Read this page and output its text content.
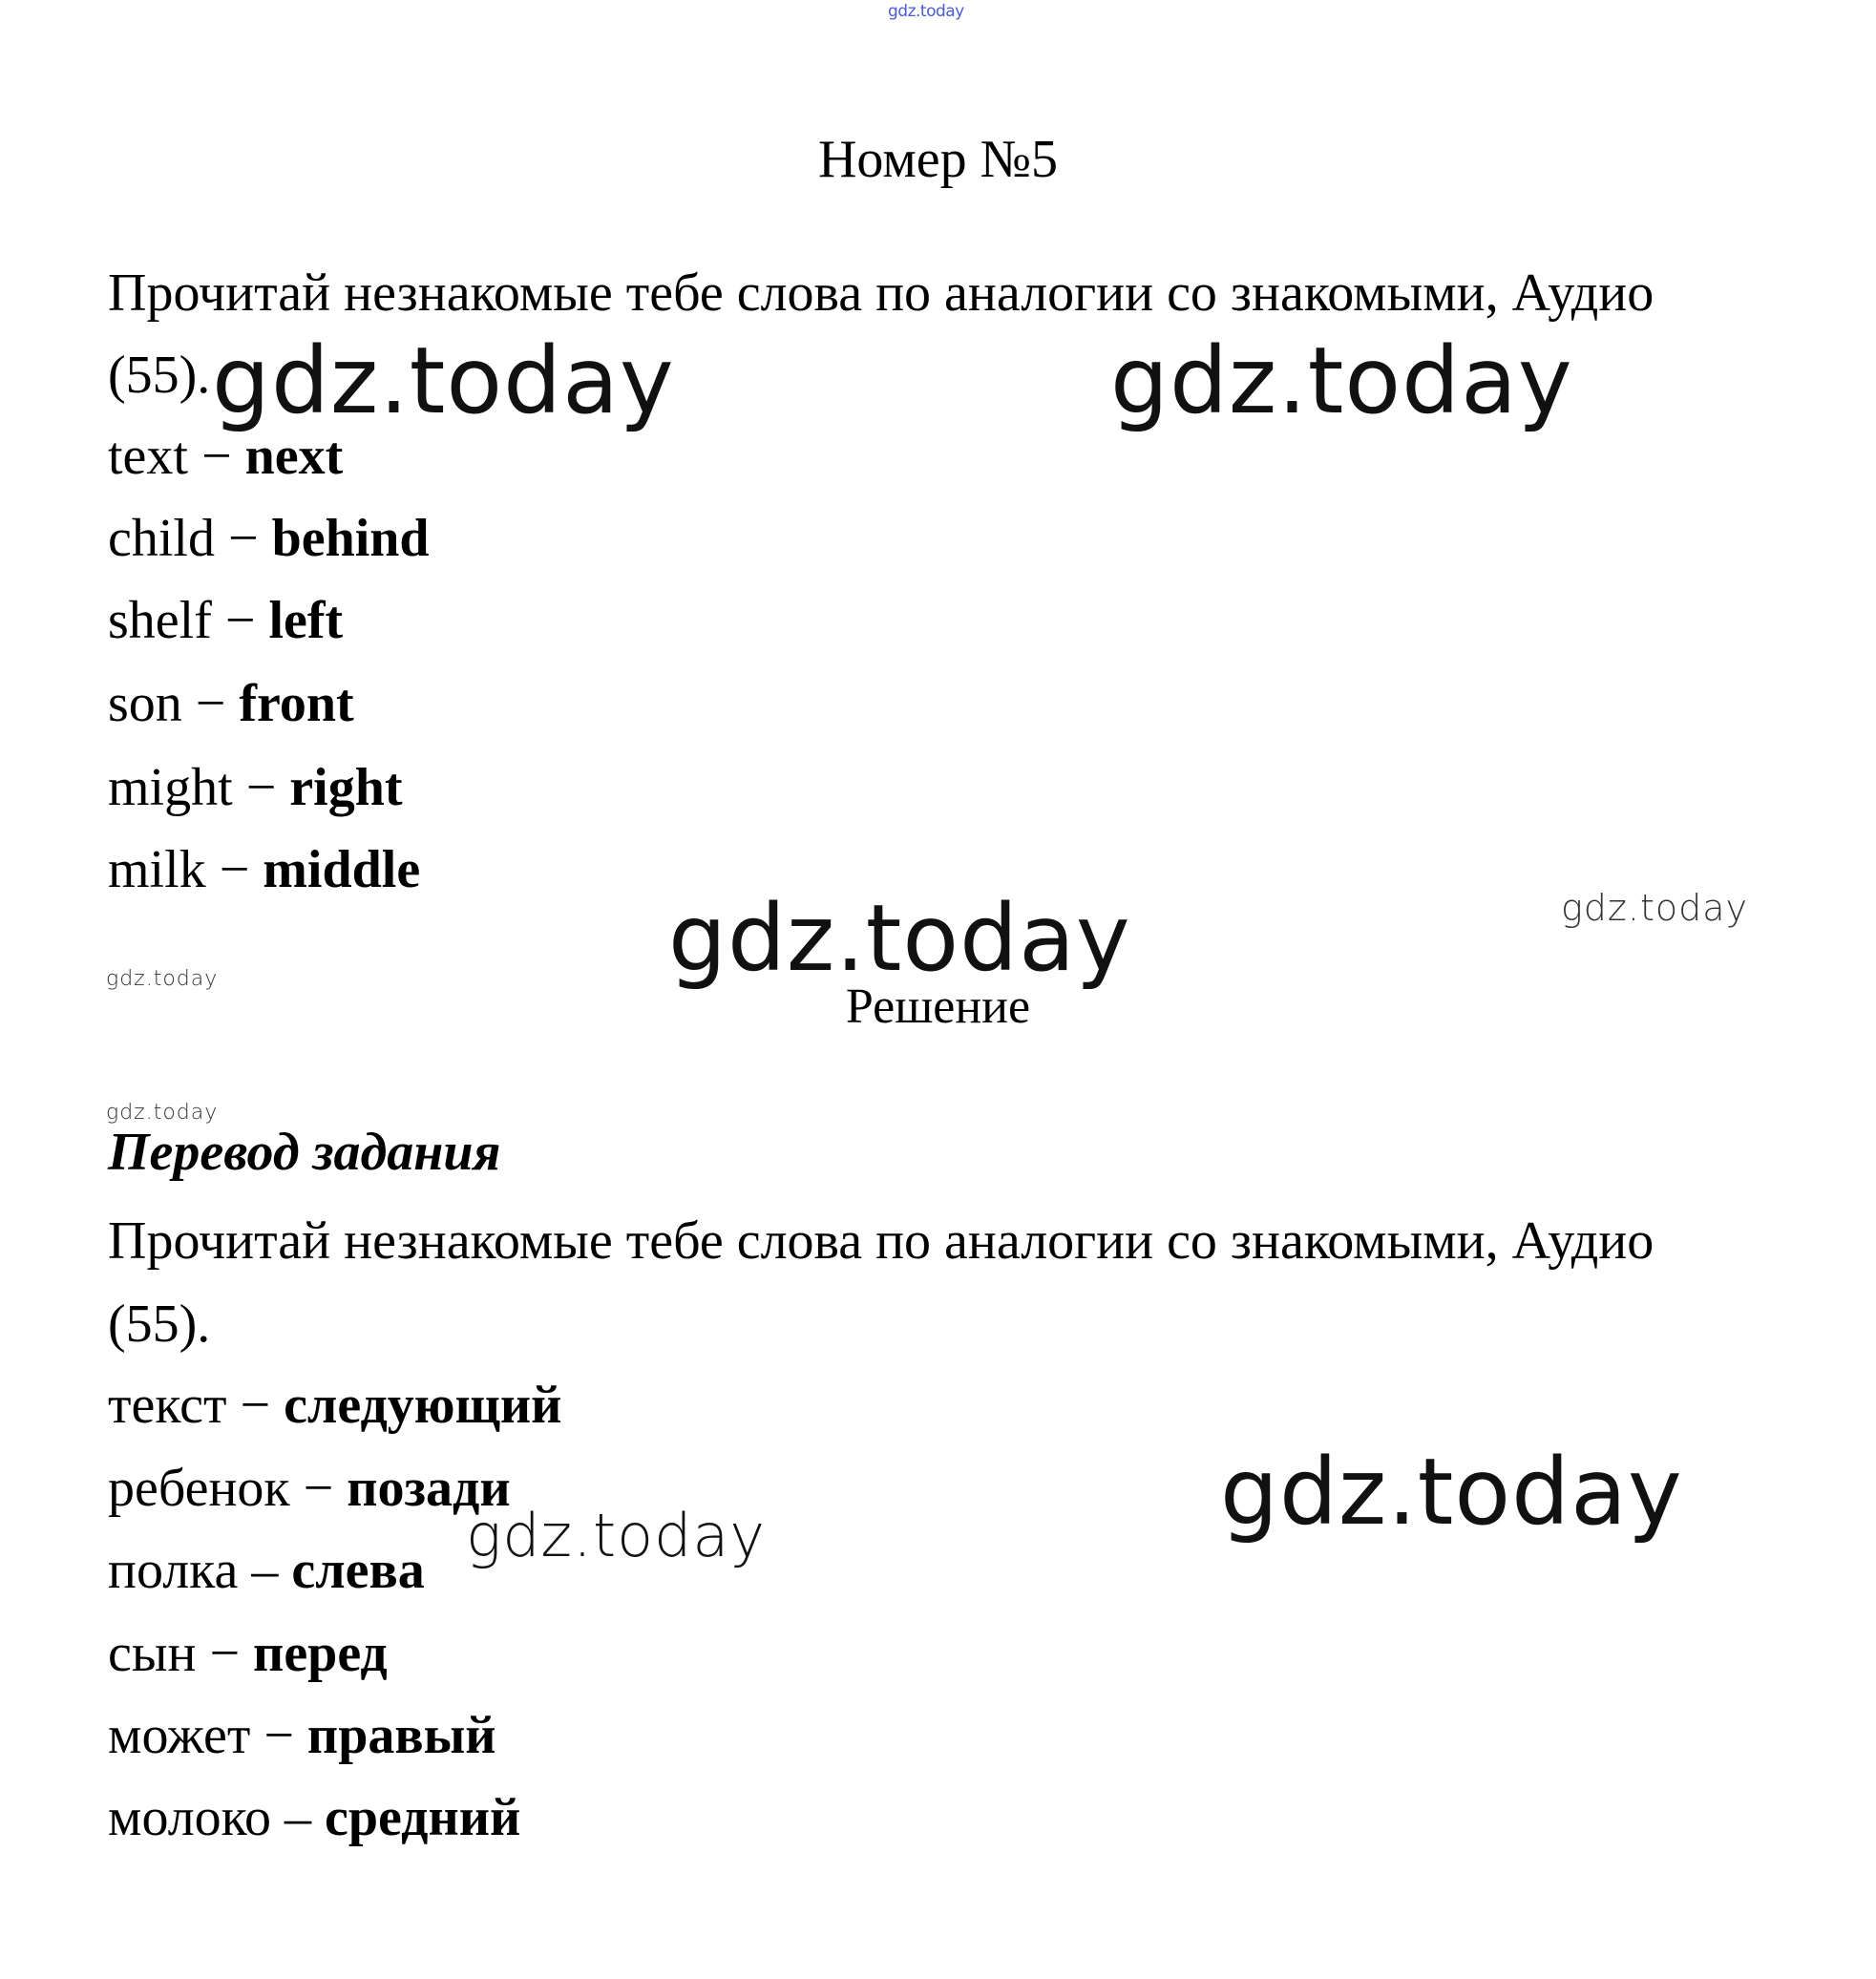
gdz.today
Номер №5
Прочитай незнакомые тебе слова по аналогии со знакомыми, Аудио
(55).
text − next
child − behind
shelf − left
son − front
might − right
milk − middle
Решение
Перевод задания
Прочитай незнакомые тебе слова по аналогии со знакомыми, Аудио
(55).
текст − следующий
ребенок − позади
полка – слева
сын − перед
может − правый
молоко – средний
gdz.today	gdz.today
gdz.today	gdz.today
gdz.today
gdz.today
gdz.today
gdz.today
